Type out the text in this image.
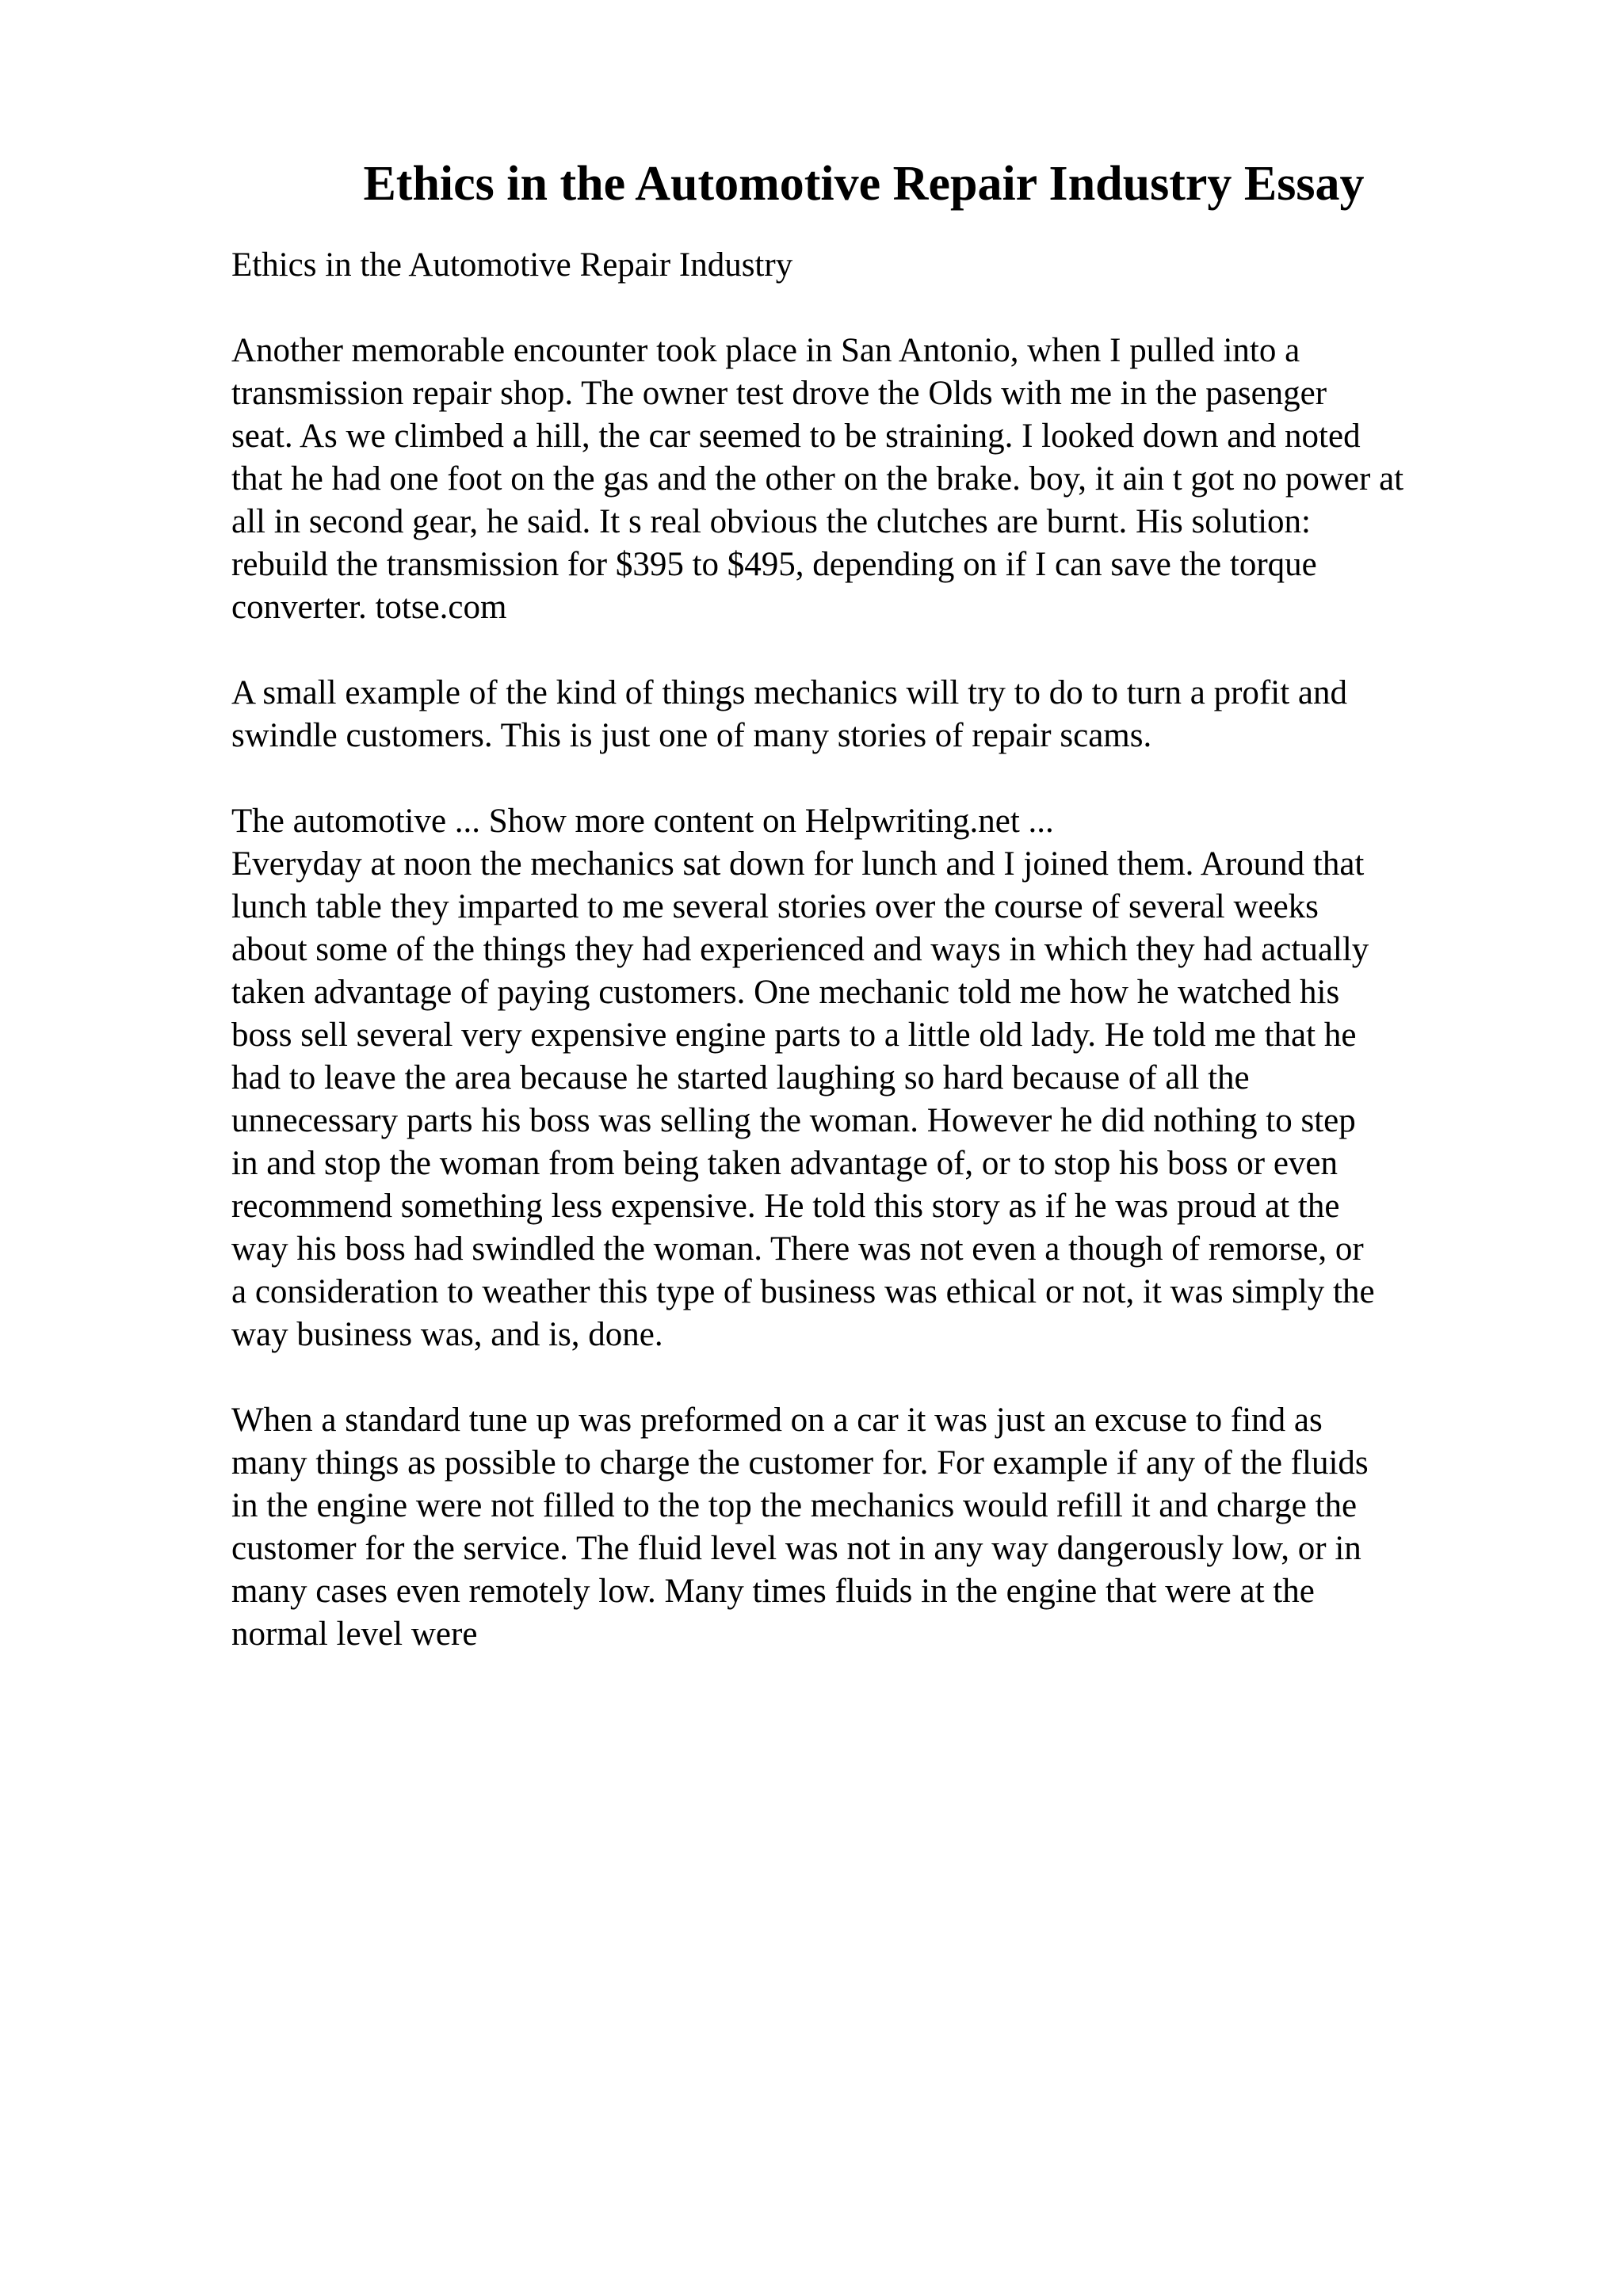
Ethics in the Automotive Repair Industry Essay
Ethics in the Automotive Repair Industry
Another memorable encounter took place in San Antonio, when I pulled into a
transmission repair shop. The owner test drove the Olds with me in the pasenger
seat. As we climbed a hill, the car seemed to be straining. I looked down and noted
that he had one foot on the gas and the other on the brake. boy, it ain t got no power at
all in second gear, he said. It s real obvious the clutches are burnt. His solution:
rebuild the transmission for $395 to $495, depending on if I can save the torque
converter. totse.com
A small example of the kind of things mechanics will try to do to turn a profit and
swindle customers. This is just one of many stories of repair scams.
The automotive ... Show more content on Helpwriting.net ...
Everyday at noon the mechanics sat down for lunch and I joined them. Around that
lunch table they imparted to me several stories over the course of several weeks
about some of the things they had experienced and ways in which they had actually
taken advantage of paying customers. One mechanic told me how he watched his
boss sell several very expensive engine parts to a little old lady. He told me that he
had to leave the area because he started laughing so hard because of all the
unnecessary parts his boss was selling the woman. However he did nothing to step
in and stop the woman from being taken advantage of, or to stop his boss or even
recommend something less expensive. He told this story as if he was proud at the
way his boss had swindled the woman. There was not even a though of remorse, or
a consideration to weather this type of business was ethical or not, it was simply the
way business was, and is, done.
When a standard tune up was preformed on a car it was just an excuse to find as
many things as possible to charge the customer for. For example if any of the fluids
in the engine were not filled to the top the mechanics would refill it and charge the
customer for the service. The fluid level was not in any way dangerously low, or in
many cases even remotely low. Many times fluids in the engine that were at the
normal level were
